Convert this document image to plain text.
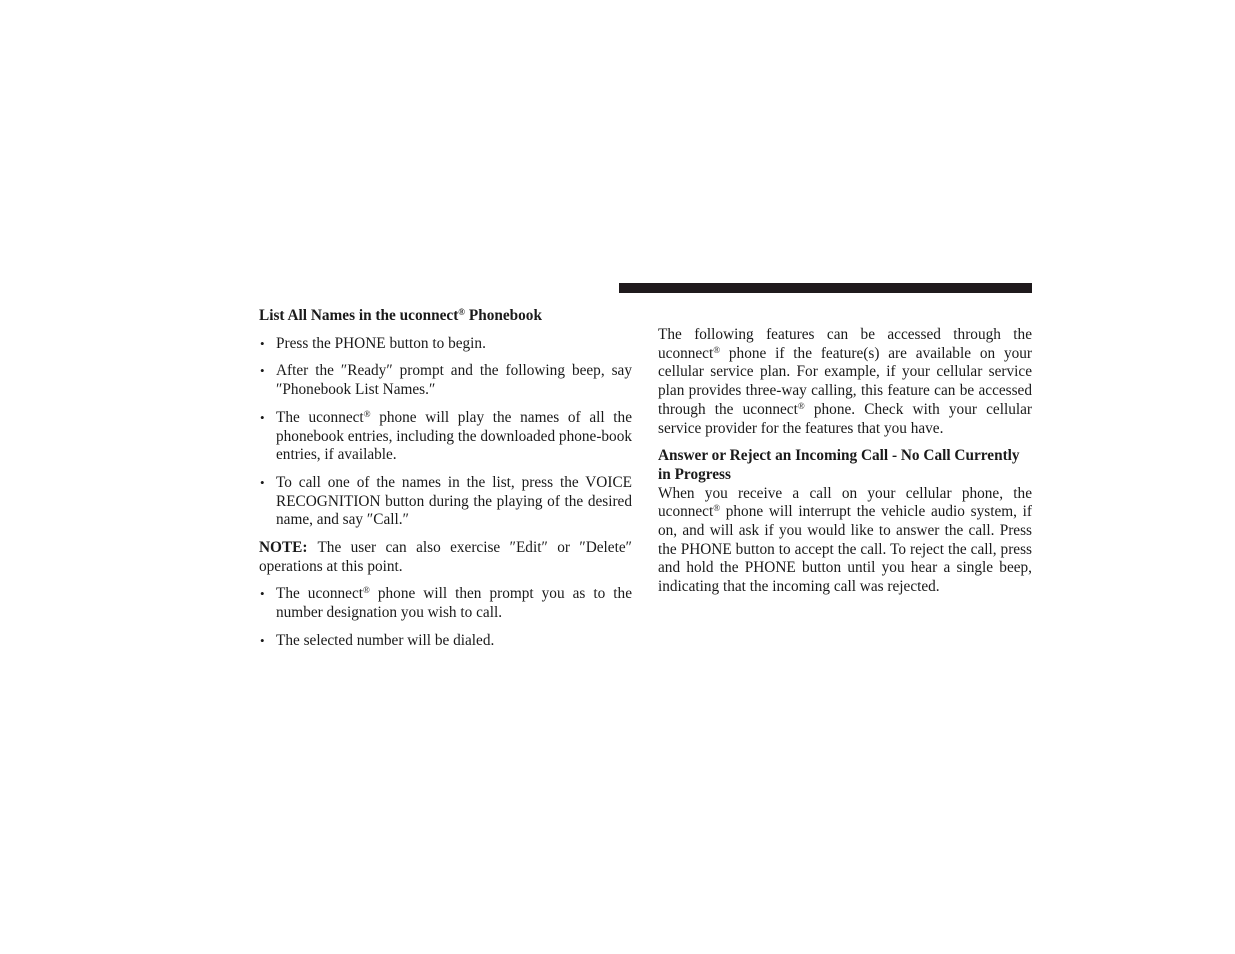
List All Names in the uconnect® Phonebook
• Press the PHONE button to begin.
• After the ″Ready″ prompt and the following beep, say ″Phonebook List Names.″
• The uconnect® phone will play the names of all the phonebook entries, including the downloaded phone-book entries, if available.
• To call one of the names in the list, press the VOICE RECOGNITION button during the playing of the desired name, and say ″Call.″

NOTE: The user can also exercise ″Edit″ or ″Delete″ operations at this point.

• The uconnect® phone will then prompt you as to the number designation you wish to call.
• The selected number will be dialed.

The following features can be accessed through the uconnect® phone if the feature(s) are available on your cellular service plan. For example, if your cellular service plan provides three-way calling, this feature can be accessed through the uconnect® phone. Check with your cellular service provider for the features that you have.

Answer or Reject an Incoming Call - No Call Currently in Progress

When you receive a call on your cellular phone, the uconnect® phone will interrupt the vehicle audio system, if on, and will ask if you would like to answer the call. Press the PHONE button to accept the call. To reject the call, press and hold the PHONE button until you hear a single beep, indicating that the incoming call was rejected.
